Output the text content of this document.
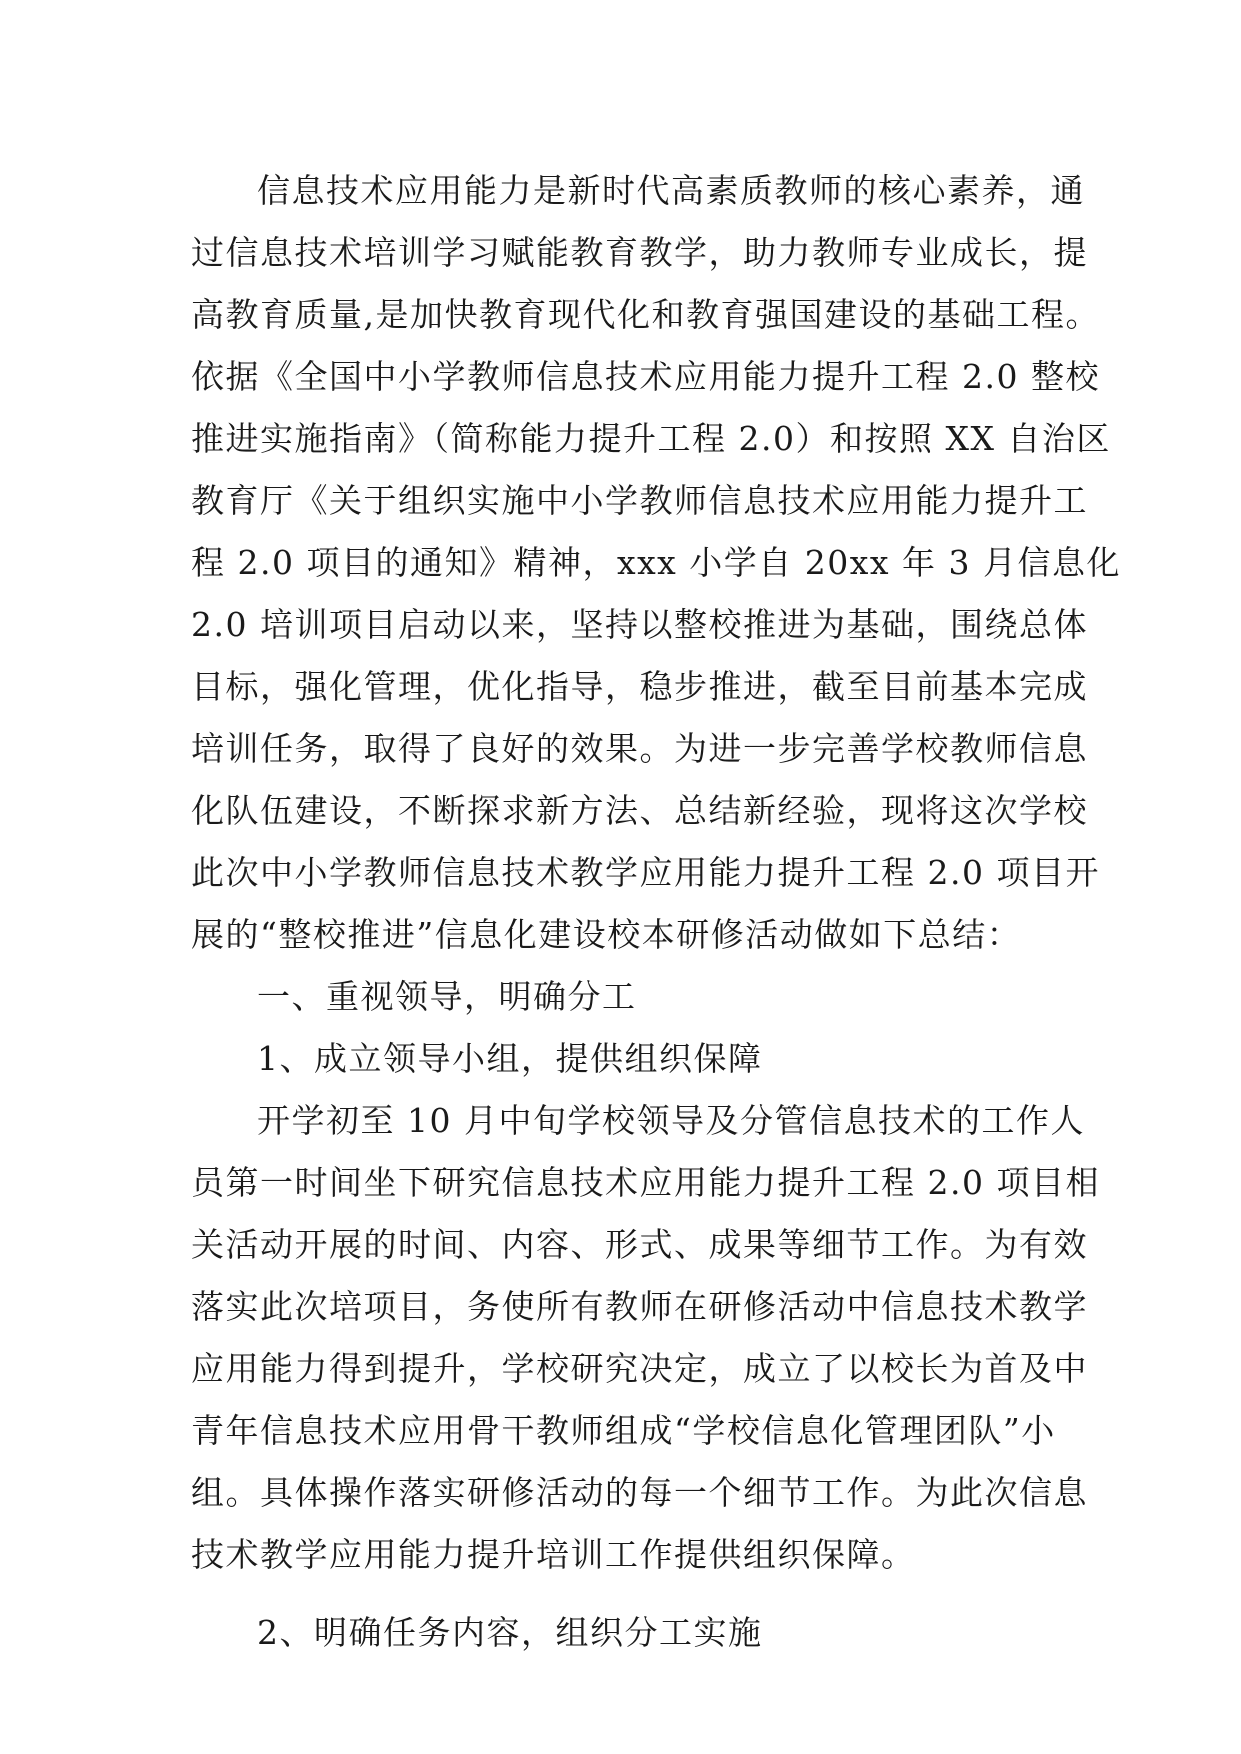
信息技术应用能力是新时代高素质教师的核心素养，通
过信息技术培训学习赋能教育教学，助力教师专业成长，提
高教育质量,是加快教育现代化和教育强国建设的基础工程。
依据《全国中小学教师信息技术应用能力提升工程 2.0 整校
推进实施指南》（简称能力提升工程 2.0）和按照 XX 自治区
教育厅《关于组织实施中小学教师信息技术应用能力提升工
程 2.0 项目的通知》精神，xxx 小学自 20xx 年 3 月信息化
2.0 培训项目启动以来，坚持以整校推进为基础，围绕总体
目标，强化管理，优化指导，稳步推进，截至目前基本完成
培训任务，取得了良好的效果。为进一步完善学校教师信息
化队伍建设，不断探求新方法、总结新经验，现将这次学校
此次中小学教师信息技术教学应用能力提升工程 2.0 项目开
展的“整校推进”信息化建设校本研修活动做如下总结：
一、重视领导，明确分工
1、成立领导小组，提供组织保障
开学初至 10 月中旬学校领导及分管信息技术的工作人
员第一时间坐下研究信息技术应用能力提升工程 2.0 项目相
关活动开展的时间、内容、形式、成果等细节工作。为有效
落实此次培项目，务使所有教师在研修活动中信息技术教学
应用能力得到提升，学校研究决定，成立了以校长为首及中
青年信息技术应用骨干教师组成“学校信息化管理团队”小
组。具体操作落实研修活动的每一个细节工作。为此次信息
技术教学应用能力提升培训工作提供组织保障。
2、明确任务内容，组织分工实施
